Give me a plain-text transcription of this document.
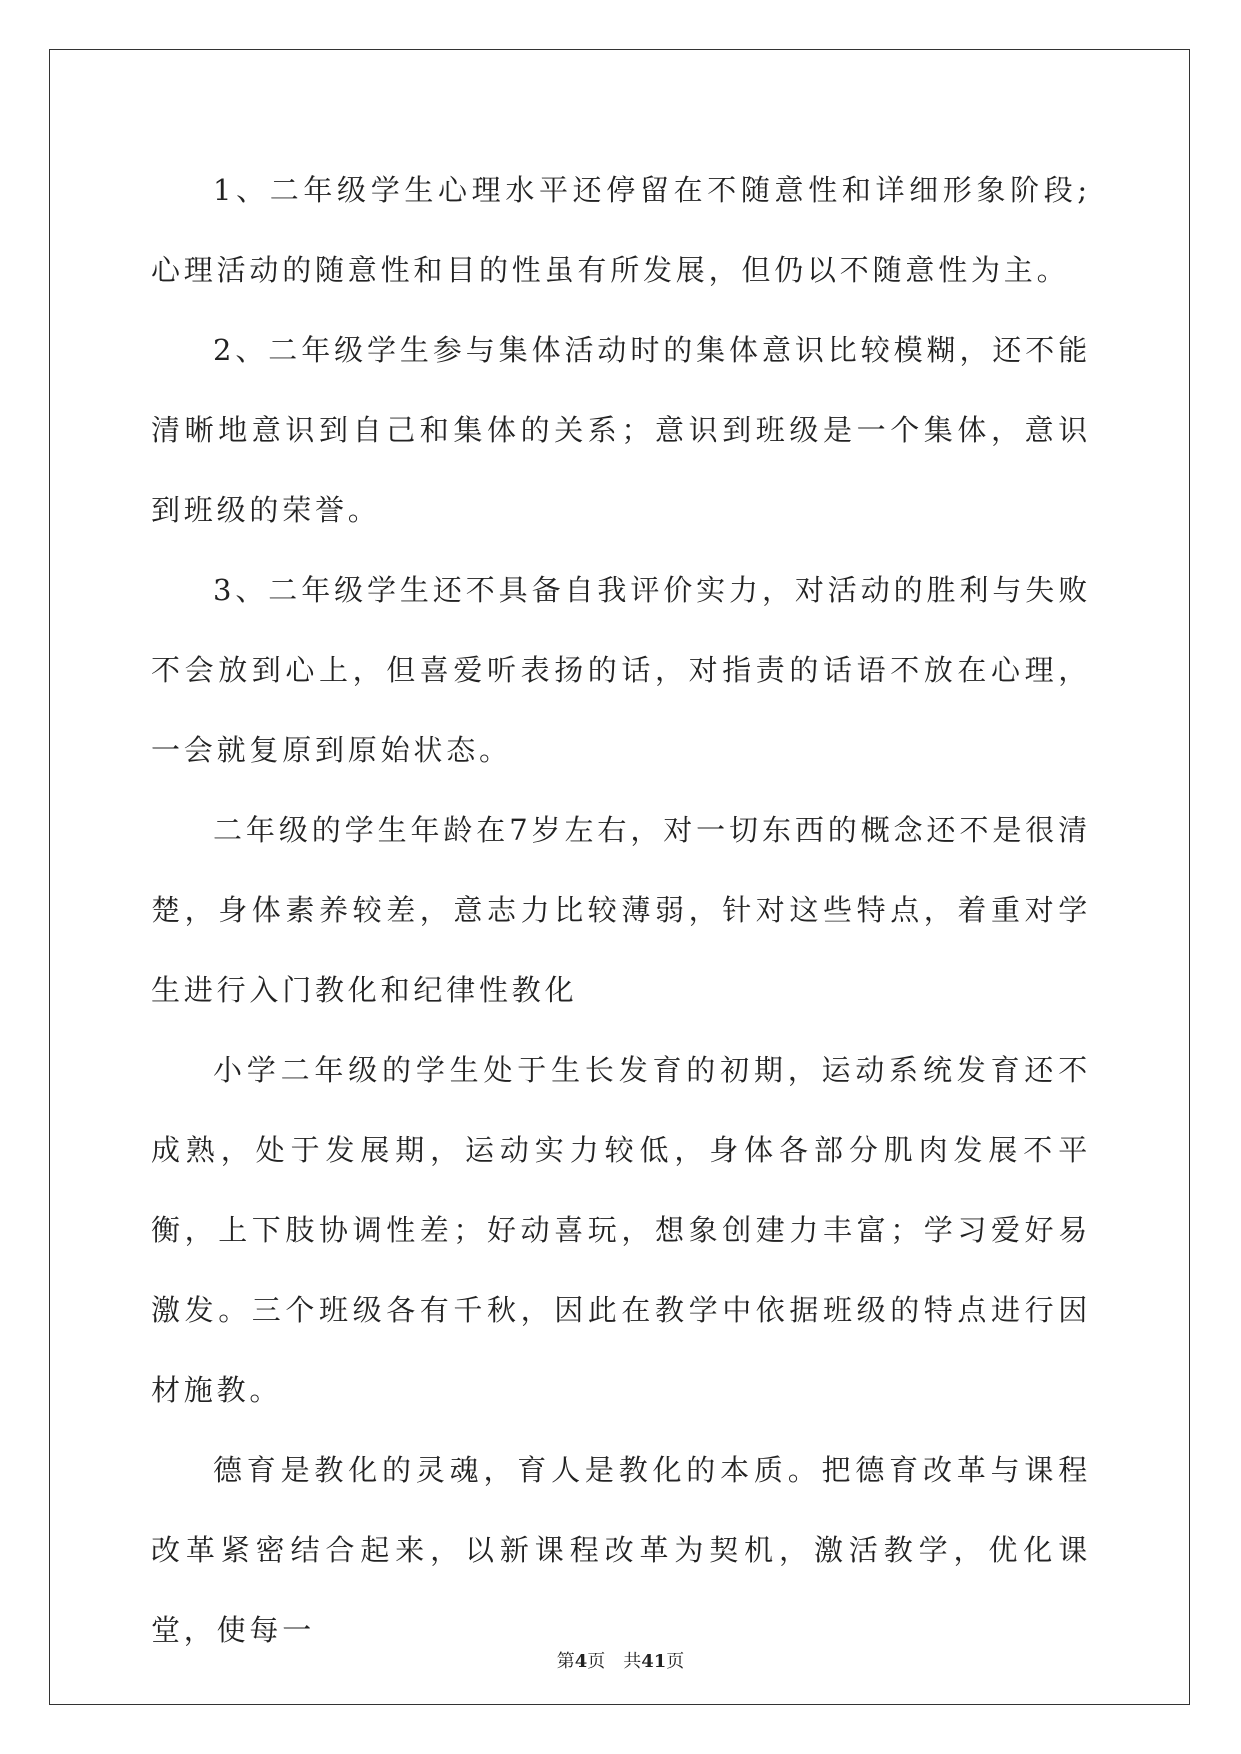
1、二年级学生心理水平还停留在不随意性和详细形象阶段;心理活动的随意性和目的性虽有所发展，但仍以不随意性为主。

2、二年级学生参与集体活动时的集体意识比较模糊，还不能清晰地意识到自己和集体的关系；意识到班级是一个集体，意识到班级的荣誉。

3、二年级学生还不具备自我评价实力，对活动的胜利与失败不会放到心上，但喜爱听表扬的话，对指责的话语不放在心理，一会就复原到原始状态。

二年级的学生年龄在7岁左右，对一切东西的概念还不是很清楚，身体素养较差，意志力比较薄弱，针对这些特点，着重对学生进行入门教化和纪律性教化

小学二年级的学生处于生长发育的初期，运动系统发育还不成熟，处于发展期，运动实力较低，身体各部分肌肉发展不平衡，上下肢协调性差；好动喜玩，想象创建力丰富；学习爱好易激发。三个班级各有千秋，因此在教学中依据班级的特点进行因材施教。

德育是教化的灵魂，育人是教化的本质。把德育改革与课程改革紧密结合起来，以新课程改革为契机，激活教学，优化课堂，使每一

第4页 共41页
